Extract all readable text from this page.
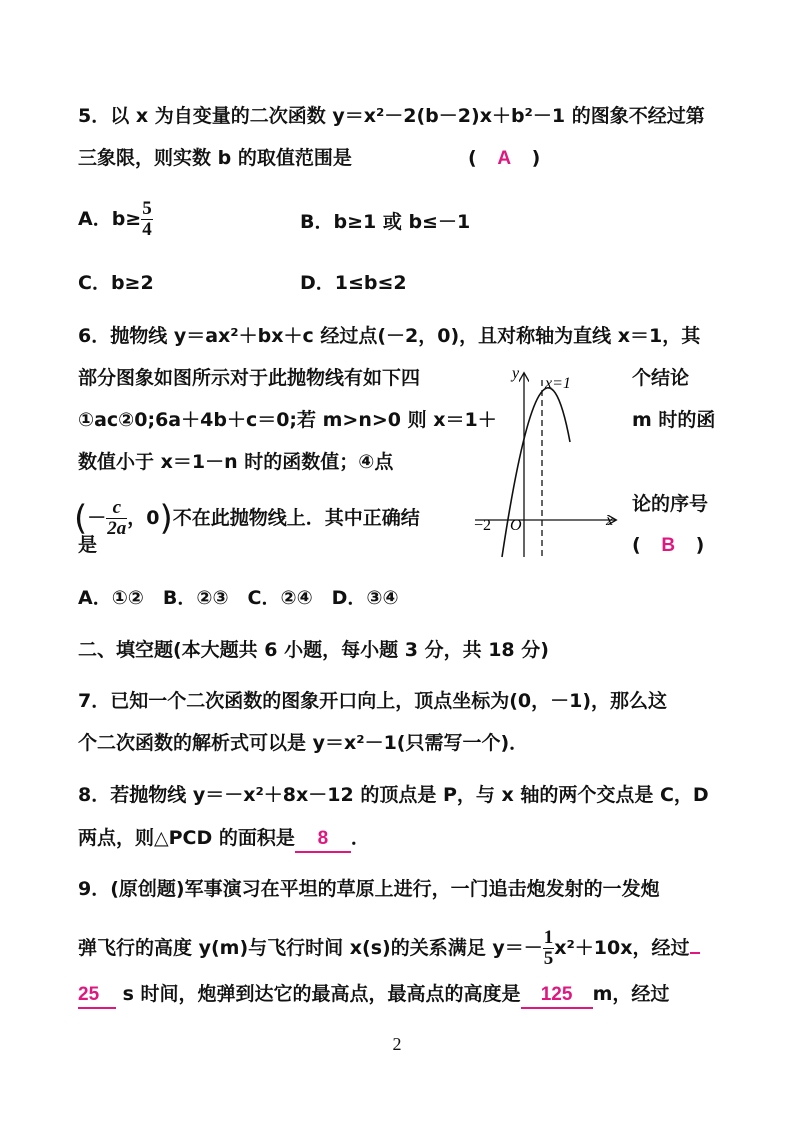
5．以 x 为自变量的二次函数 y＝x²－2(b－2)x＋b²－1 的图象不经过第
三象限，则实数 b 的取值范围是	( A )
A．$b\ge \frac{5}{4}$	B．b≥1 或 b≤－1
C．b≥2	D．1≤b≤2
6．抛物线 y＝ax²＋bx＋c 经过点(－2，0)，且对称轴为直线 x＝1，其
部分图象如图所示对于此抛物线有如下四	个结论
①ac②0;6a＋4b＋c＝0;若 m>n>0 则 x＝1＋	m 时的函
数值小于 x＝1－n 时的函数值；④点
(－ $\frac{c}{2a}$ ，0)不在此抛物线上．其中正确结
论的序号
是	( B )
y
x
x=1
O
−2
A．①②　B．②③　C．②④　D．③④
二、填空题(本大题共 6 小题，每小题 3 分，共 18 分)
7．已知一个二次函数的图象开口向上，顶点坐标为(0，－1)，那么这
个二次函数的解析式可以是 y＝x²－1(只需写一个)．
8．若抛物线 y＝－x²＋8x－12 的顶点是 P，与 x 轴的两个交点是 C，D
两点，则△PCD 的面积是 8 ．
9．(原创题)军事演习在平坦的草原上进行，一门追击炮发射的一发炮
弹飞行的高度 y(m)与飞行时间 x(s)的关系满足 $y=- \frac{1}{5} x^2+10x$，经过
25 s 时间，炮弹到达它的最高点，最高点的高度是 125 m，经过
2
